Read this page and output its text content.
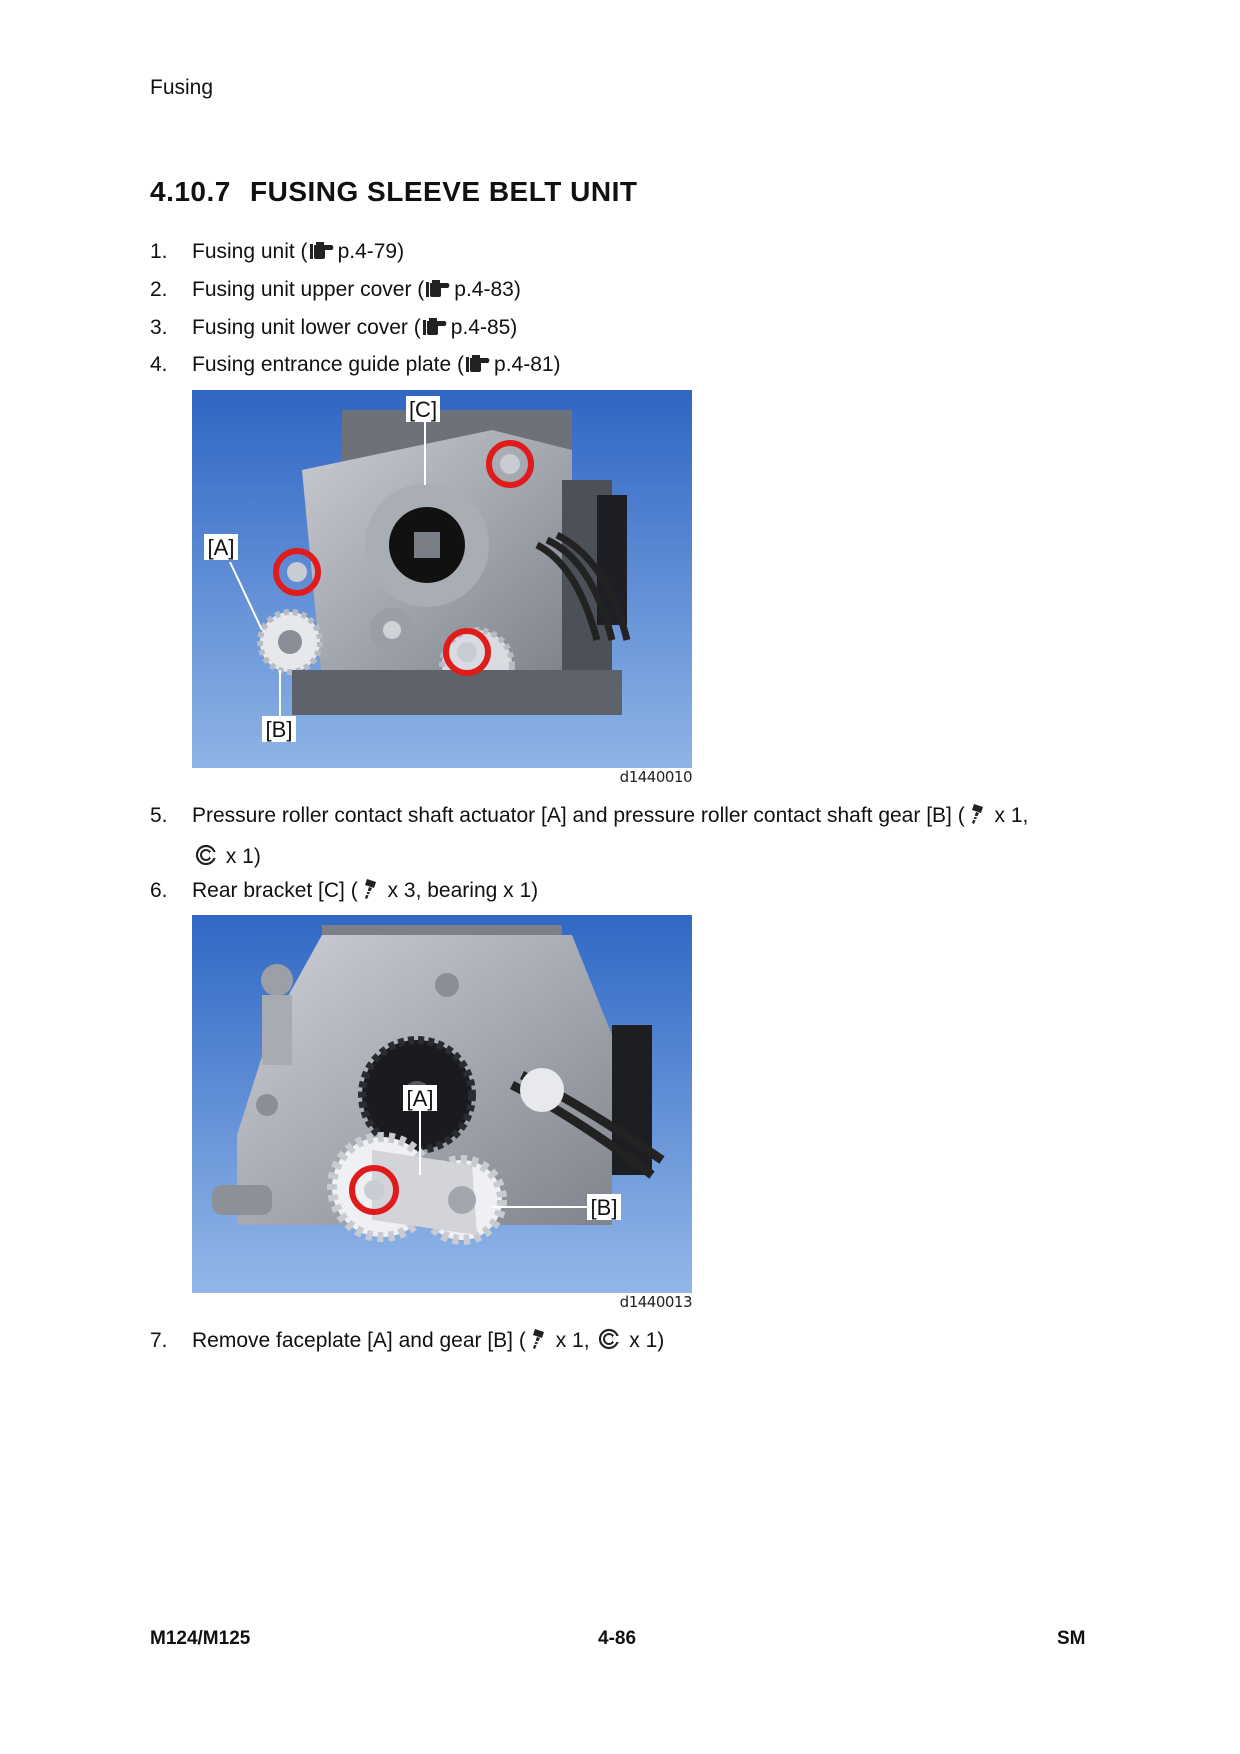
Fusing
4.10.7 FUSING SLEEVE BELT UNIT
1. Fusing unit ( p.4-79)
2. Fusing unit upper cover ( p.4-83)
3. Fusing unit lower cover ( p.4-85)
4. Fusing entrance guide plate ( p.4-81)
[C]
[A]
[B]
d1440010
5. Pressure roller contact shaft actuator [A] and pressure roller contact shaft gear [B] ( x 1,
x 1)
6. Rear bracket [C] ( x 3, bearing x 1)
[A]
[B]
d1440013
7. Remove faceplate [A] and gear [B] ( x 1, x 1)
M124/M125	4-86	SM
